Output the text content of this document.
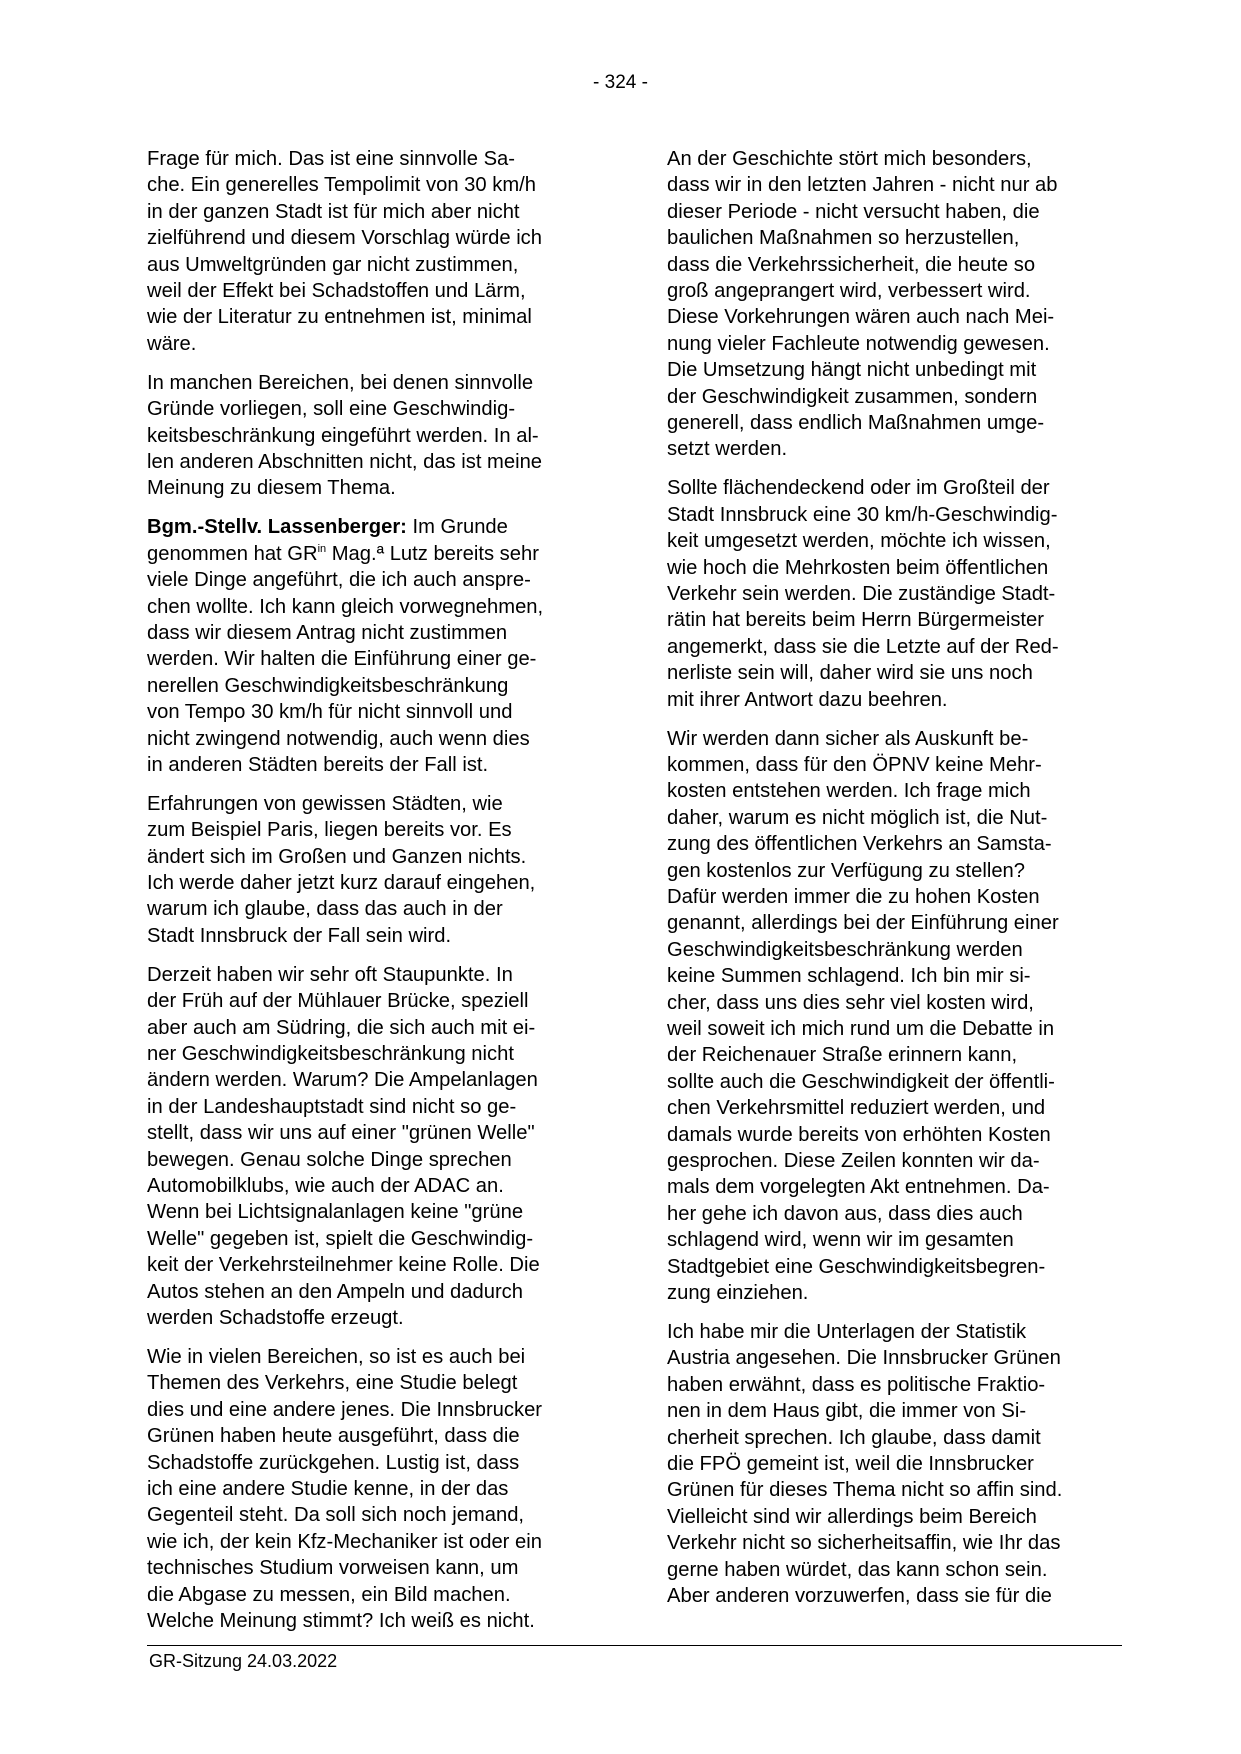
- 324 -

Frage für mich. Das ist eine sinnvolle Sa-
che. Ein generelles Tempolimit von 30 km/h
in der ganzen Stadt ist für mich aber nicht
zielführend und diesem Vorschlag würde ich
aus Umweltgründen gar nicht zustimmen,
weil der Effekt bei Schadstoffen und Lärm,
wie der Literatur zu entnehmen ist, minimal
wäre.

In manchen Bereichen, bei denen sinnvolle
Gründe vorliegen, soll eine Geschwindig-
keitsbeschränkung eingeführt werden. In al-
len anderen Abschnitten nicht, das ist meine
Meinung zu diesem Thema.

Bgm.-Stellv. Lassenberger: Im Grunde
genommen hat $GR^{in}$ Mag.ª Lutz bereits sehr
viele Dinge angeführt, die ich auch anspre-
chen wollte. Ich kann gleich vorwegnehmen,
dass wir diesem Antrag nicht zustimmen
werden. Wir halten die Einführung einer ge-
nerellen Geschwindigkeitsbeschränkung
von Tempo 30 km/h für nicht sinnvoll und
nicht zwingend notwendig, auch wenn dies
in anderen Städten bereits der Fall ist.

Erfahrungen von gewissen Städten, wie
zum Beispiel Paris, liegen bereits vor. Es
ändert sich im Großen und Ganzen nichts.
Ich werde daher jetzt kurz darauf eingehen,
warum ich glaube, dass das auch in der
Stadt Innsbruck der Fall sein wird.

Derzeit haben wir sehr oft Staupunkte. In
der Früh auf der Mühlauer Brücke, speziell
aber auch am Südring, die sich auch mit ei-
ner Geschwindigkeitsbeschränkung nicht
ändern werden. Warum? Die Ampelanlagen
in der Landeshauptstadt sind nicht so ge-
stellt, dass wir uns auf einer "grünen Welle"
bewegen. Genau solche Dinge sprechen
Automobilklubs, wie auch der ADAC an.
Wenn bei Lichtsignalanlagen keine "grüne
Welle" gegeben ist, spielt die Geschwindig-
keit der Verkehrsteilnehmer keine Rolle. Die
Autos stehen an den Ampeln und dadurch
werden Schadstoffe erzeugt.

Wie in vielen Bereichen, so ist es auch bei
Themen des Verkehrs, eine Studie belegt
dies und eine andere jenes. Die Innsbrucker
Grünen haben heute ausgeführt, dass die
Schadstoffe zurückgehen. Lustig ist, dass
ich eine andere Studie kenne, in der das
Gegenteil steht. Da soll sich noch jemand,
wie ich, der kein Kfz-Mechaniker ist oder ein
technisches Studium vorweisen kann, um
die Abgase zu messen, ein Bild machen.
Welche Meinung stimmt? Ich weiß es nicht.

An der Geschichte stört mich besonders,
dass wir in den letzten Jahren - nicht nur ab
dieser Periode - nicht versucht haben, die
baulichen Maßnahmen so herzustellen,
dass die Verkehrssicherheit, die heute so
groß angeprangert wird, verbessert wird.
Diese Vorkehrungen wären auch nach Mei-
nung vieler Fachleute notwendig gewesen.
Die Umsetzung hängt nicht unbedingt mit
der Geschwindigkeit zusammen, sondern
generell, dass endlich Maßnahmen umge-
setzt werden.

Sollte flächendeckend oder im Großteil der
Stadt Innsbruck eine 30 km/h-Geschwindig-
keit umgesetzt werden, möchte ich wissen,
wie hoch die Mehrkosten beim öffentlichen
Verkehr sein werden. Die zuständige Stadt-
rätin hat bereits beim Herrn Bürgermeister
angemerkt, dass sie die Letzte auf der Red-
nerliste sein will, daher wird sie uns noch
mit ihrer Antwort dazu beehren.

Wir werden dann sicher als Auskunft be-
kommen, dass für den ÖPNV keine Mehr-
kosten entstehen werden. Ich frage mich
daher, warum es nicht möglich ist, die Nut-
zung des öffentlichen Verkehrs an Samsta-
gen kostenlos zur Verfügung zu stellen?
Dafür werden immer die zu hohen Kosten
genannt, allerdings bei der Einführung einer
Geschwindigkeitsbeschränkung werden
keine Summen schlagend. Ich bin mir si-
cher, dass uns dies sehr viel kosten wird,
weil soweit ich mich rund um die Debatte in
der Reichenauer Straße erinnern kann,
sollte auch die Geschwindigkeit der öffentli-
chen Verkehrsmittel reduziert werden, und
damals wurde bereits von erhöhten Kosten
gesprochen. Diese Zeilen konnten wir da-
mals dem vorgelegten Akt entnehmen. Da-
her gehe ich davon aus, dass dies auch
schlagend wird, wenn wir im gesamten
Stadtgebiet eine Geschwindigkeitsbegren-
zung einziehen.

Ich habe mir die Unterlagen der Statistik
Austria angesehen. Die Innsbrucker Grünen
haben erwähnt, dass es politische Fraktio-
nen in dem Haus gibt, die immer von Si-
cherheit sprechen. Ich glaube, dass damit
die FPÖ gemeint ist, weil die Innsbrucker
Grünen für dieses Thema nicht so affin sind.
Vielleicht sind wir allerdings beim Bereich
Verkehr nicht so sicherheitsaffin, wie Ihr das
gerne haben würdet, das kann schon sein.
Aber anderen vorzuwerfen, dass sie für die

GR-Sitzung 24.03.2022
